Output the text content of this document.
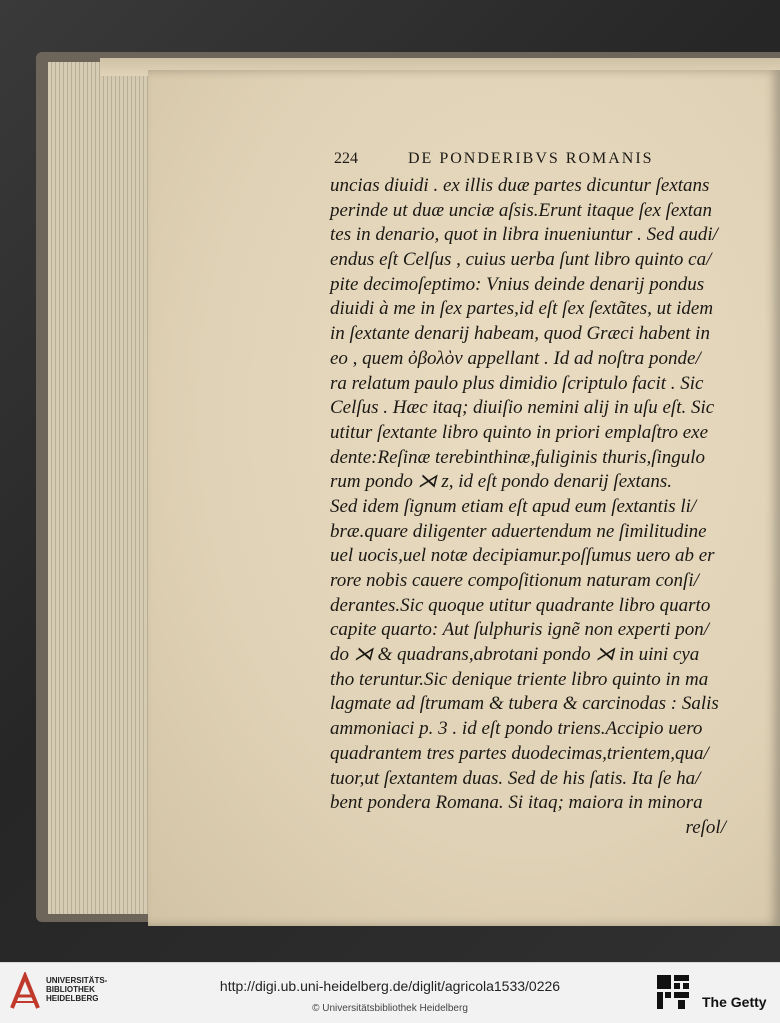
224	DE PONDERIBVS ROMANIS
uncias diuidi . ex illis duæ partes dicuntur ſextans
perinde ut duæ unciæ aſsis.Erunt itaque ſex ſextan
tes in denario, quot in libra inueniuntur . Sed audi/
endus eſt Celſus , cuius uerba ſunt libro quinto ca/
pite decimoſeptimo: Vnius deinde denarij pondus
diuidi à me in ſex partes,id eſt ſex ſextãtes, ut idem
in ſextante denarij habeam, quod Græci habent in
eo , quem ὀβολὸν appellant . Id ad noſtra ponde/
ra relatum paulo plus dimidio ſcriptulo facit . Sic
Celſus . Hæc itaq; diuiſio nemini alij in uſu eſt. Sic
utitur ſextante libro quinto in priori emplaſtro exe
dente:Reſinæ terebinthinæ,fuliginis thuris,ſingulo
rum pondo ⋊ z, id eſt pondo denarij ſextans.
Sed idem ſignum etiam eſt apud eum ſextantis li/
bræ.quare diligenter aduertendum ne ſimilitudine
uel uocis,uel notæ decipiamur.poſſumus uero ab er
rore nobis cauere compoſitionum naturam conſi/
derantes.Sic quoque utitur quadrante libro quarto
capite quarto: Aut ſulphuris ignẽ non experti pon/
do ⋊ & quadrans,abrotani pondo ⋊ in uini cya
tho teruntur.Sic denique triente libro quinto in ma
lagmate ad ſtrumam & tubera & carcinodas : Salis
ammoniaci p. 3 . id eſt pondo triens.Accipio uero
quadrantem tres partes duodecimas,trientem,qua/
tuor,ut ſextantem duas. Sed de his ſatis. Ita ſe ha/
bent pondera Romana. Si itaq; maiora in minora
reſol/
UNIVERSITÄTS-
BIBLIOTHEK
HEIDELBERG
http://digi.ub.uni-heidelberg.de/diglit/agricola1533/0226
© Universitätsbibliothek Heidelberg	The Getty
